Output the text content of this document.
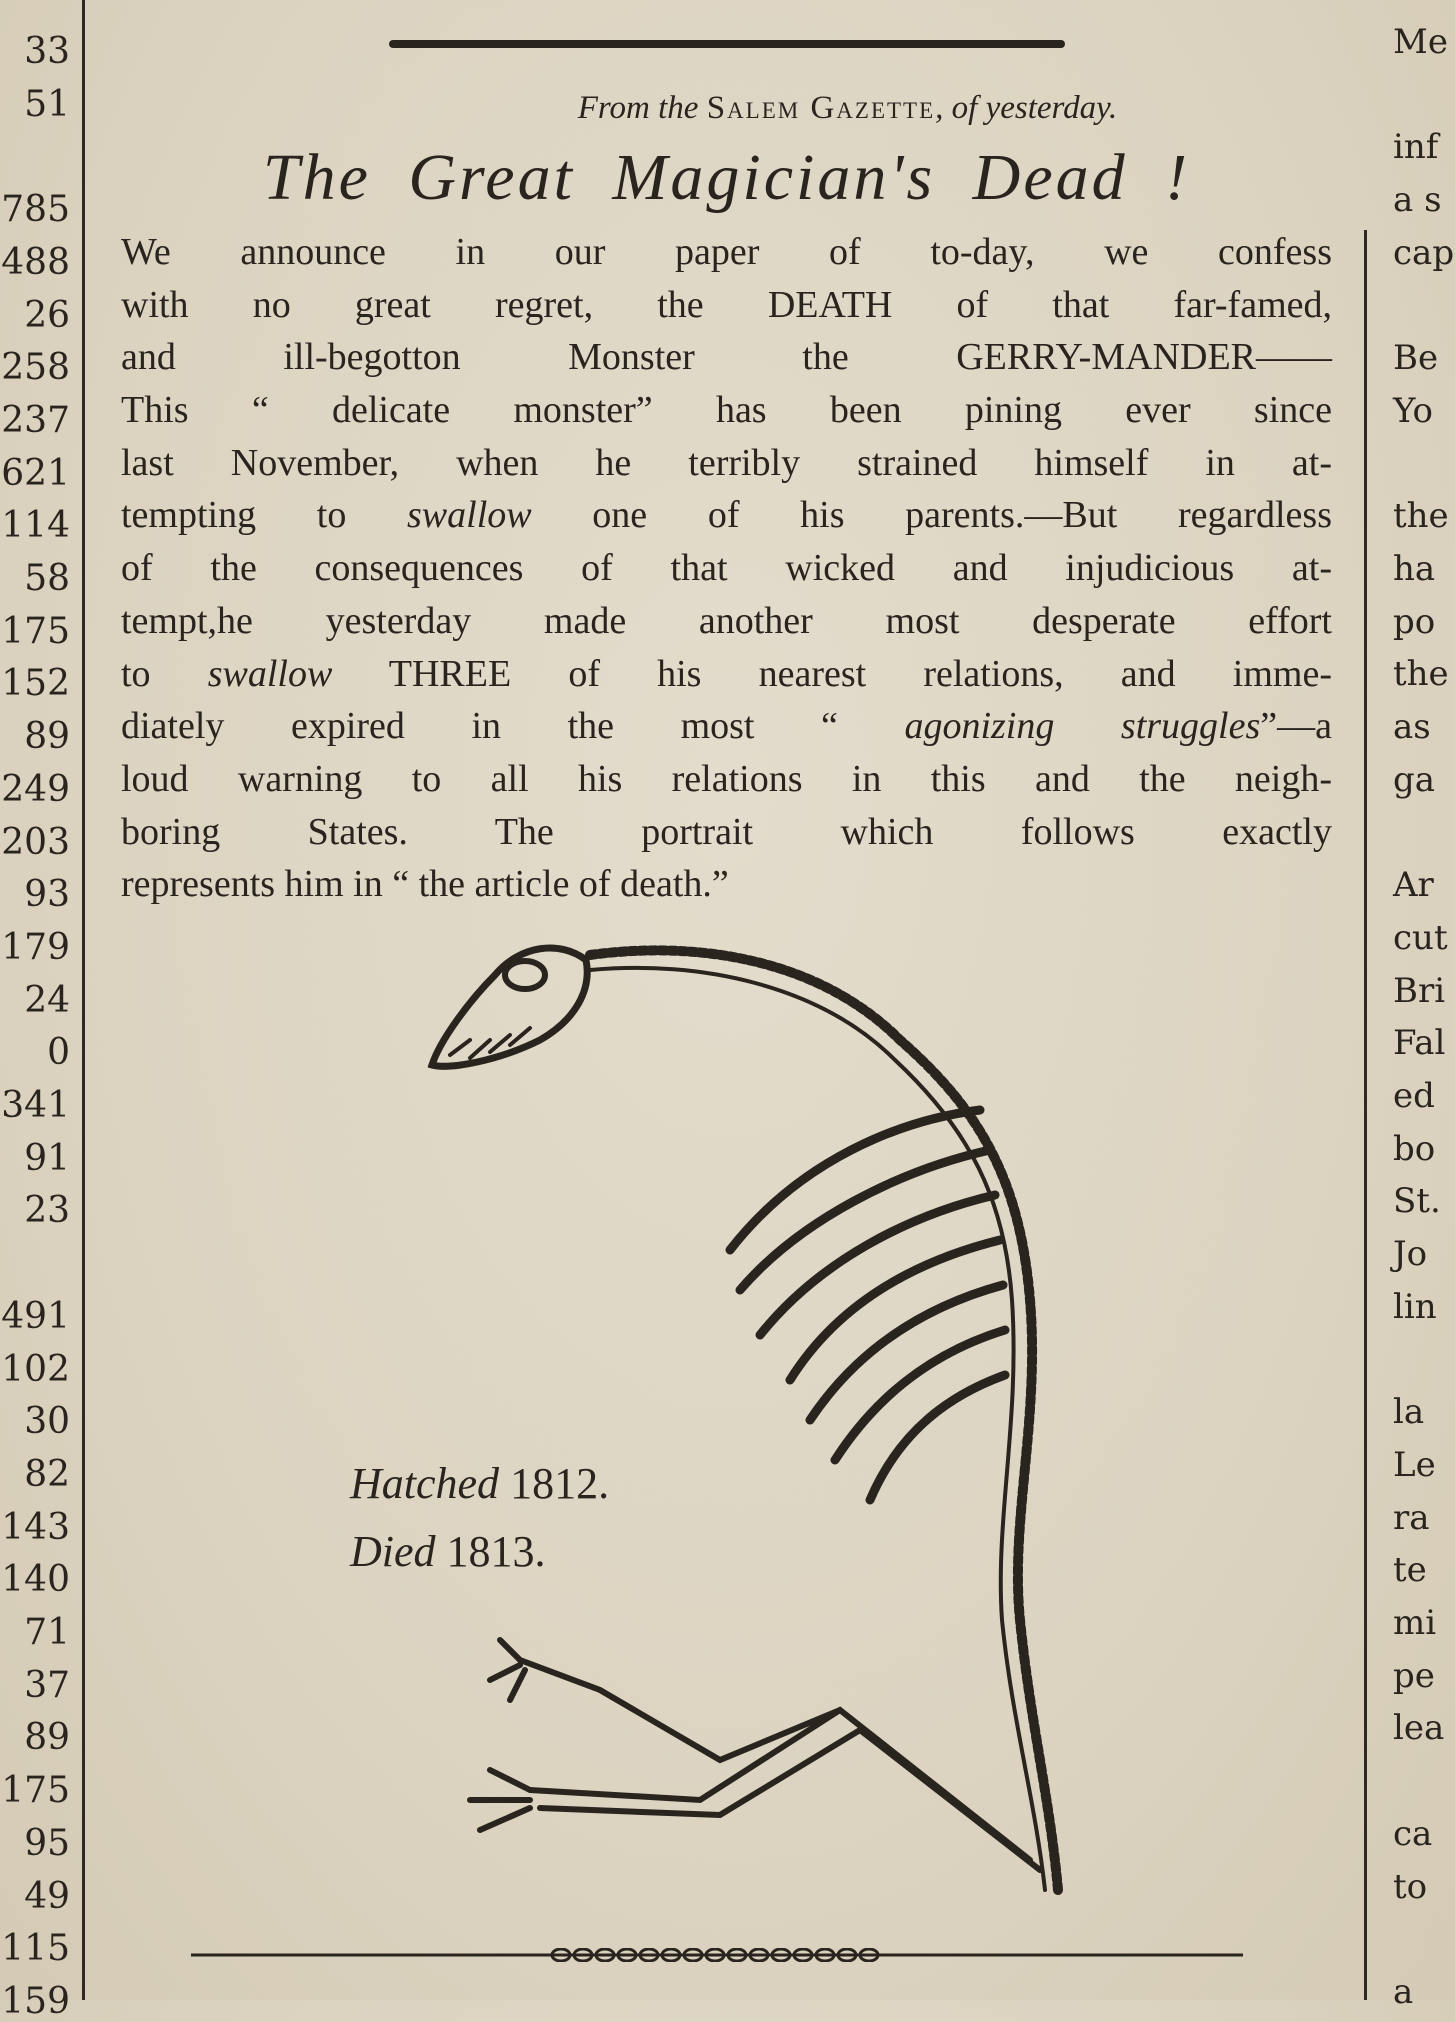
33
51
785
488
26
258
237
621
114
58
175
152
89
249
203
93
179
24
0
341
91
23
491
102
30
82
143
140
71
37
89
175
95
49
115
159
Me
inf
a s
cap
Be
Yo
the
ha
po
the
as
ga
Ar
cut
Bri
Fal
ed
bo
St.
Jo
lin
la
Le
ra
te
mi
pe
lea
ca
to
a
From the Salem Gazette, of yesterday.
The Great Magician's Dead !
We announce in our paper of to-day, we confess
with no great regret, the DEATH of that far-famed,
and ill-begotton Monster the GERRY-MANDER——
This “ delicate monster” has been pining ever since
last November, when he terribly strained himself in at-
tempting to swallow one of his parents.—But regardless
of the consequences of that wicked and injudicious at-
tempt,he yesterday made another most desperate effort
to swallow THREE of his nearest relations, and imme-
diately expired in the most “ agonizing struggles”—a
loud warning to all his relations in this and the neigh-
boring States. The portrait which follows exactly
represents him in “ the article of death.”
Hatched 1812.
Died 1813.
